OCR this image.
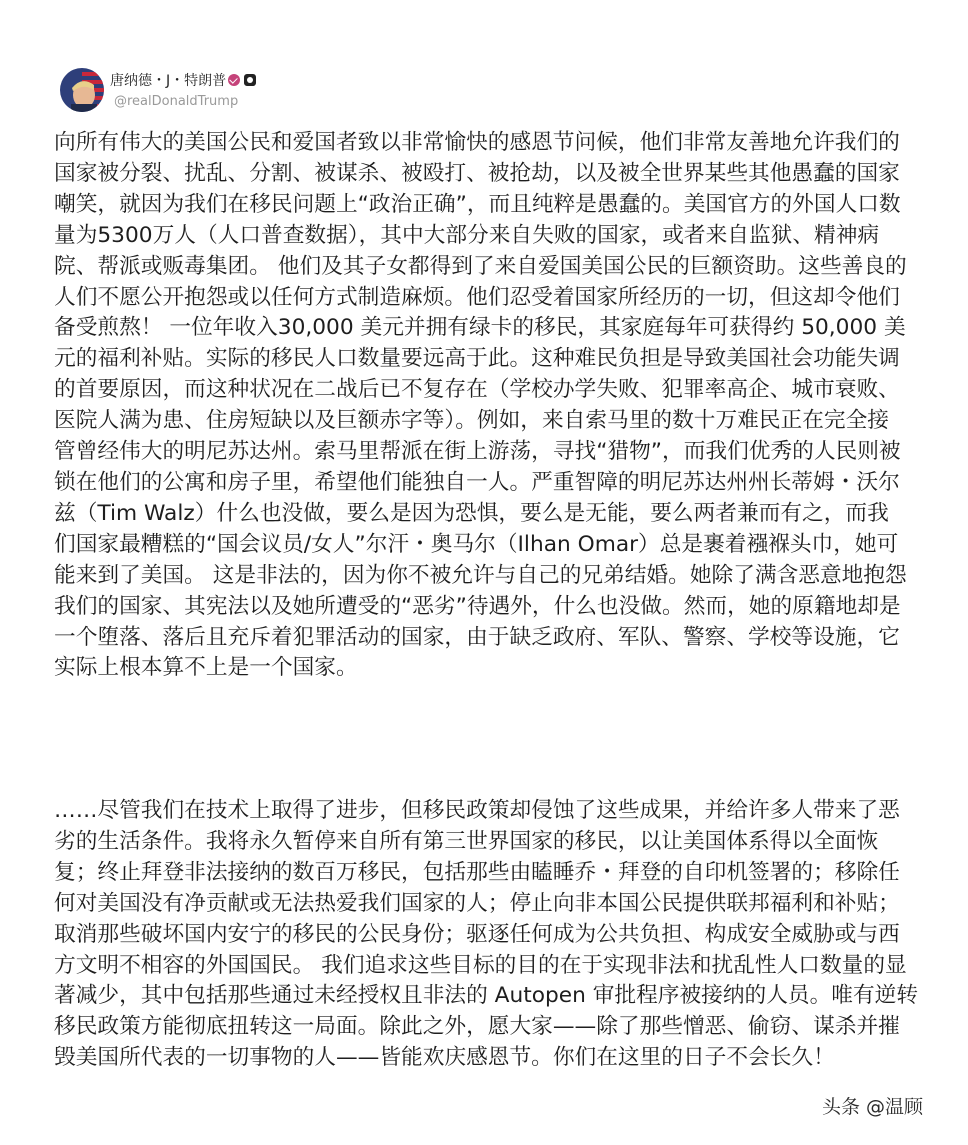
唐纳德・J・特朗普
@realDonaldTrump

向所有伟大的美国公民和爱国者致以非常愉快的感恩节问候，他们非常友善地允许我们的国家被分裂、扰乱、分割、被谋杀、被殴打、被抢劫，以及被全世界某些其他愚蠢的国家嘲笑，就因为我们在移民问题上“政治正确”，而且纯粹是愚蠢的。美国官方的外国人口数量为5300万人（人口普查数据），其中大部分来自失败的国家，或者来自监狱、精神病院、帮派或贩毒集团。 他们及其子女都得到了来自爱国美国公民的巨额资助。这些善良的人们不愿公开抱怨或以任何方式制造麻烦。他们忍受着国家所经历的一切，但这却令他们备受煎熬！ 一位年收入30,000 美元并拥有绿卡的移民，其家庭每年可获得约 50,000 美元的福利补贴。实际的移民人口数量要远高于此。这种难民负担是导致美国社会功能失调的首要原因，而这种状况在二战后已不复存在（学校办学失败、犯罪率高企、城市衰败、医院人满为患、住房短缺以及巨额赤字等）。例如，来自索马里的数十万难民正在完全接管曾经伟大的明尼苏达州。索马里帮派在街上游荡，寻找“猎物”，而我们优秀的人民则被锁在他们的公寓和房子里，希望他们能独自一人。严重智障的明尼苏达州州长蒂姆・沃尔兹（Tim Walz）什么也没做，要么是因为恐惧，要么是无能，要么两者兼而有之，而我们国家最糟糕的“国会议员/女人”尔汗・奥马尔（Ilhan Omar）总是裹着襁褓头巾，她可能来到了美国。 这是非法的，因为你不被允许与自己的兄弟结婚。她除了满含恶意地抱怨我们的国家、其宪法以及她所遭受的“恶劣”待遇外，什么也没做。然而，她的原籍地却是一个堕落、落后且充斥着犯罪活动的国家，由于缺乏政府、军队、警察、学校等设施，它实际上根本算不上是一个国家。

……尽管我们在技术上取得了进步，但移民政策却侵蚀了这些成果，并给许多人带来了恶劣的生活条件。我将永久暂停来自所有第三世界国家的移民，以让美国体系得以全面恢复；终止拜登非法接纳的数百万移民，包括那些由瞌睡乔・拜登的自印机签署的；移除任何对美国没有净贡献或无法热爱我们国家的人；停止向非本国公民提供联邦福利和补贴；取消那些破坏国内安宁的移民的公民身份；驱逐任何成为公共负担、构成安全威胁或与西方文明不相容的外国国民。 我们追求这些目标的目的在于实现非法和扰乱性人口数量的显著减少，其中包括那些通过未经授权且非法的 Autopen 审批程序被接纳的人员。唯有逆转移民政策方能彻底扭转这一局面。除此之外，愿大家——除了那些憎恶、偷窃、谋杀并摧毁美国所代表的一切事物的人——皆能欢庆感恩节。你们在这里的日子不会长久！

头条 @温顾
